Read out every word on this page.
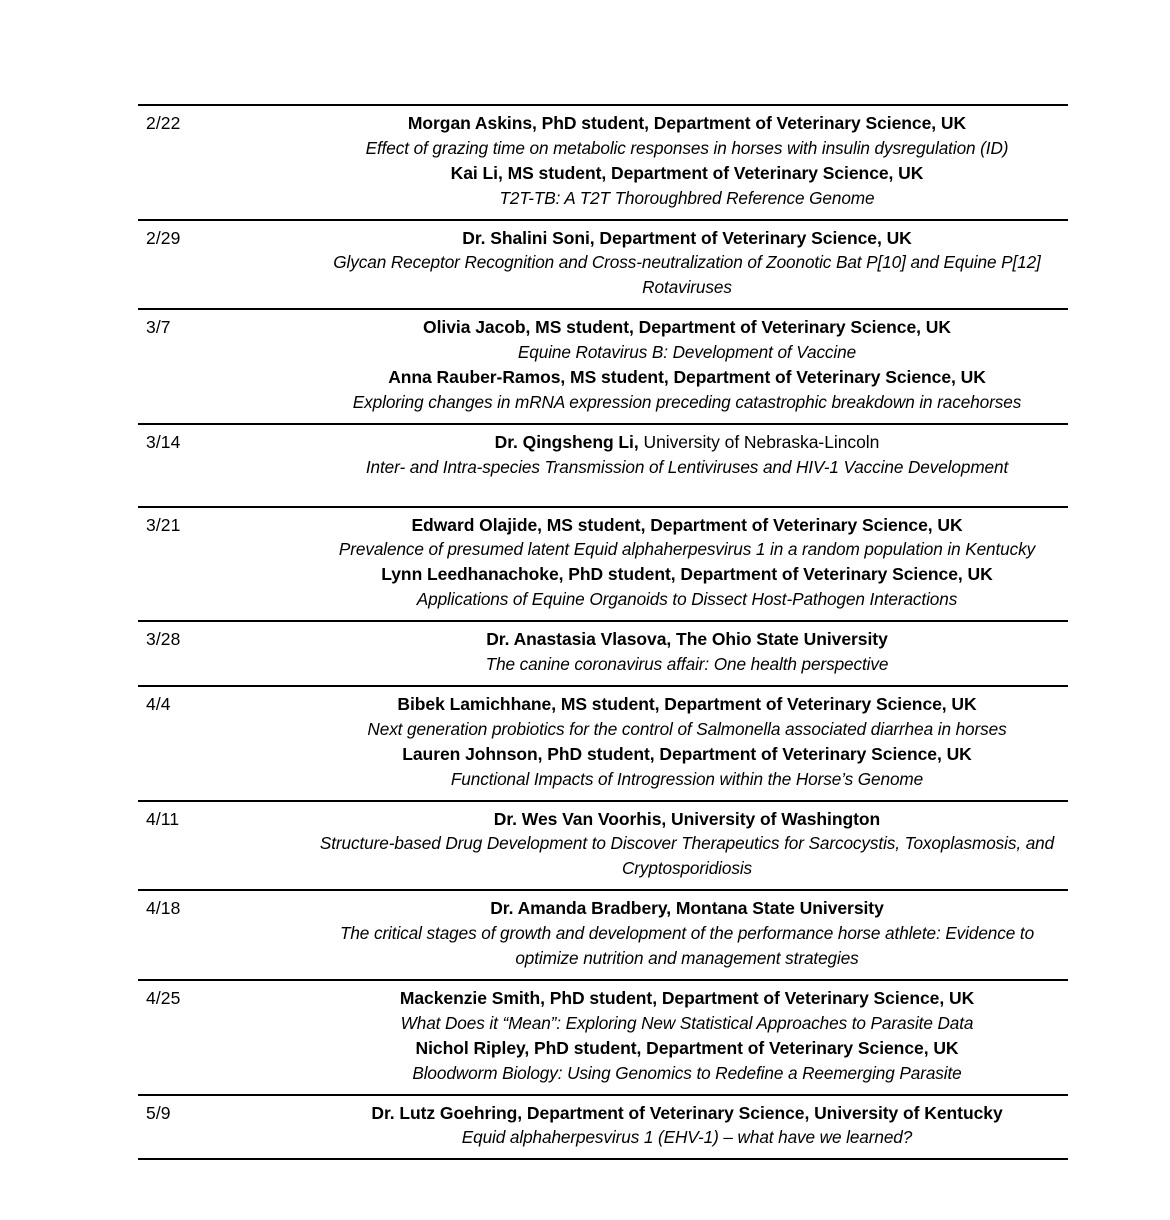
2/22	Morgan Askins, PhD student, Department of Veterinary Science, UK
Effect of grazing time on metabolic responses in horses with insulin dysregulation (ID)
Kai Li, MS student, Department of Veterinary Science, UK
T2T-TB: A T2T Thoroughbred Reference Genome

2/29	Dr. Shalini Soni, Department of Veterinary Science, UK
Glycan Receptor Recognition and Cross-neutralization of Zoonotic Bat P[10] and Equine P[12] Rotaviruses

3/7	Olivia Jacob, MS student, Department of Veterinary Science, UK
Equine Rotavirus B: Development of Vaccine
Anna Rauber-Ramos, MS student, Department of Veterinary Science, UK
Exploring changes in mRNA expression preceding catastrophic breakdown in racehorses

3/14	Dr. Qingsheng Li, University of Nebraska-Lincoln
Inter- and Intra-species Transmission of Lentiviruses and HIV-1 Vaccine Development

3/21	Edward Olajide, MS student, Department of Veterinary Science, UK
Prevalence of presumed latent Equid alphaherpesvirus 1 in a random population in Kentucky
Lynn Leedhanachoke, PhD student, Department of Veterinary Science, UK
Applications of Equine Organoids to Dissect Host-Pathogen Interactions

3/28	Dr. Anastasia Vlasova, The Ohio State University
The canine coronavirus affair: One health perspective

4/4	Bibek Lamichhane, MS student, Department of Veterinary Science, UK
Next generation probiotics for the control of Salmonella associated diarrhea in horses
Lauren Johnson, PhD student, Department of Veterinary Science, UK
Functional Impacts of Introgression within the Horse’s Genome

4/11	Dr. Wes Van Voorhis, University of Washington
Structure-based Drug Development to Discover Therapeutics for Sarcocystis, Toxoplasmosis, and Cryptosporidiosis

4/18	Dr. Amanda Bradbery, Montana State University
The critical stages of growth and development of the performance horse athlete: Evidence to optimize nutrition and management strategies

4/25	Mackenzie Smith, PhD student, Department of Veterinary Science, UK
What Does it “Mean”: Exploring New Statistical Approaches to Parasite Data
Nichol Ripley, PhD student, Department of Veterinary Science, UK
Bloodworm Biology: Using Genomics to Redefine a Reemerging Parasite

5/9	Dr. Lutz Goehring, Department of Veterinary Science, University of Kentucky
Equid alphaherpesvirus 1 (EHV-1) – what have we learned?
